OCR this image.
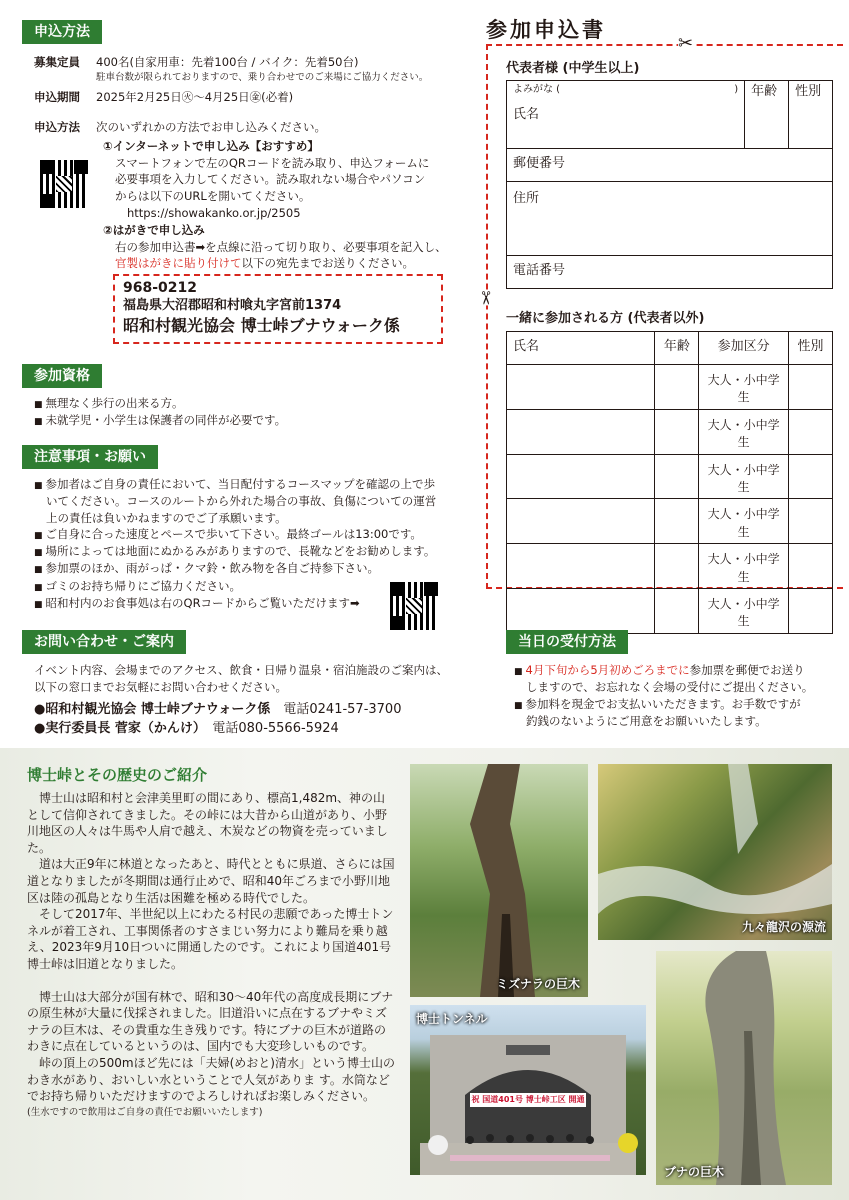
申込方法
募集定員	400名(自家用車：先着100台 / バイク：先着50台)
駐車台数が限られておりますので、乗り合わせでのご来場にご協力ください。
申込期間	2025年2月25日㊋〜4月25日㊎(必着)
申込方法	次のいずれかの方法でお申し込みください。
①インターネットで申し込み【おすすめ】
スマートフォンで左のQRコードを読み取り、申込フォームに
必要事項を入力してください。読み取れない場合やパソコン
からは以下のURLを開いてください。
https://showakanko.or.jp/2505
②はがきで申し込み
右の参加申込書➡を点線に沿って切り取り、必要事項を記入し、
官製はがきに貼り付けて以下の宛先までお送りください。
968-0212
福島県大沼郡昭和村喰丸字宮前1374
昭和村観光協会 博士峠ブナウォーク係
参加資格
■ 無理なく歩行の出来る方。
■ 未就学児・小学生は保護者の同伴が必要です。
注意事項・お願い
■ 参加者はご自身の責任において、当日配付するコースマップを確認の上で歩
いてください。コースのルートから外れた場合の事故、負傷についての運営
上の責任は負いかねますのでご了承願います。
■ ご自身に合った速度とペースで歩いて下さい。最終ゴールは13:00です。
■ 場所によっては地面にぬかるみがありますので、長靴などをお勧めします。
■ 参加票のほか、雨がっぱ・クマ鈴・飲み物を各自ご持参下さい。
■ ゴミのお持ち帰りにご協力ください。
■ 昭和村内のお食事処は右のQRコードからご覧いただけます➡
お問い合わせ・ご案内
イベント内容、会場までのアクセス、飲食・日帰り温泉・宿泊施設のご案内は、
以下の窓口までお気軽にお問い合わせください。
●昭和村観光協会 博士峠ブナウォーク係　 電話0241-57-3700
●実行委員長 菅家（かんけ）　 電話080-5566-5924
参加申込書
✂
✂
代表者様 (中学生以上)
よみがな (	)
氏名
	年齢	性別
郵便番号
住所
電話番号
一緒に参加される方 (代表者以外)
氏名	年齢	参加区分	性別
		大人・小中学生	
		大人・小中学生	
		大人・小中学生	
		大人・小中学生	
		大人・小中学生	
		大人・小中学生	
当日の受付方法
■ 4月下旬から5月初めごろまでに参加票を郵便でお送り
しますので、お忘れなく会場の受付にご提出ください。
■ 参加料を現金でお支払いいただきます。お手数ですが
釣銭のないようにご用意をお願いいたします。
博士峠とその歴史のご紹介

　博士山は昭和村と会津美里町の間にあり、標高1,482m、神の山として信仰されてきました。その峠には大昔から山道があり、小野川地区の人々は牛馬や人肩で越え、木炭などの物資を売っていました。

　道は大正9年に林道となったあと、時代とともに県道、さらには国道となりましたが冬期間は通行止めで、昭和40年ごろまで小野川地区は陸の孤島となり生活は困難を極める時代でした。

　そして2017年、半世紀以上にわたる村民の悲願であった博士トンネルが着工され、工事関係者のすさまじい努力により難局を乗り越え、2023年9月10日ついに開通したのです。これにより国道401号博士峠は旧道となりました。

　博士山は大部分が国有林で、昭和30〜40年代の高度成長期にブナの原生林が大量に伐採されました。旧道沿いに点在するブナやミズナラの巨木は、その貴重な生き残りです。特にブナの巨木が道路のわきに点在しているというのは、国内でも大変珍しいものです。

　峠の頂上の500mほど先には「夫婦(めおと)清水」という博士山のわき水があり、おいしい水ということで人気がありま す。水筒などでお持ち帰りいただけますのでよろしければお楽しみください。

(生水ですので飲用はご自身の責任でお願いいたします)
ミズナラの巨木
九々龍沢の源流
祝 国道401号 博士峠工区 開通
博士トンネル
ブナの巨木
